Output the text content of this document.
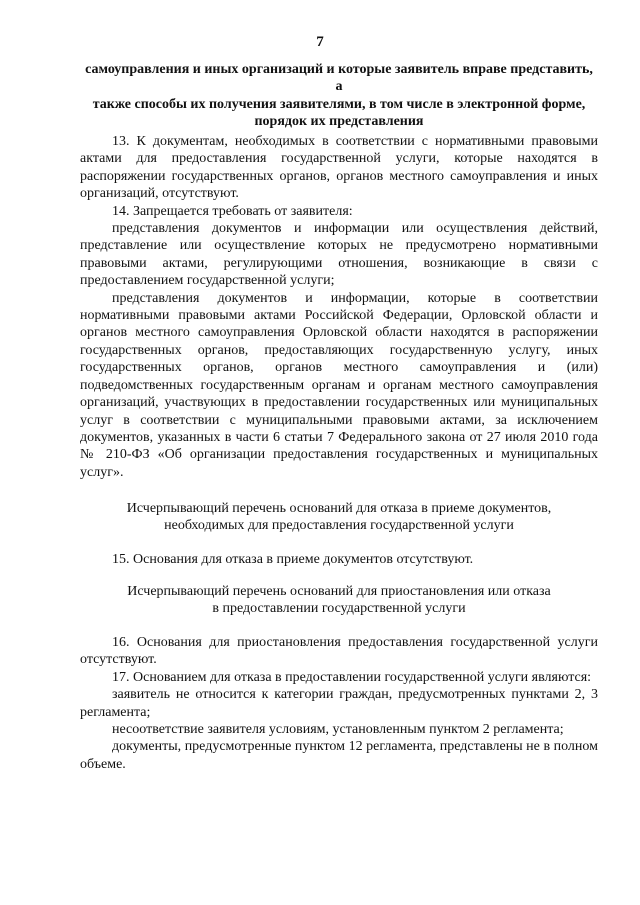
7

самоуправления и иных организаций и которые заявитель вправе представить, а

также способы их получения заявителями, в том числе в электронной форме,

порядок их представления

13. К документам, необходимых в соответствии с нормативными правовыми актами для предоставления государственной услуги, которые находятся в распоряжении государственных органов, органов местного самоуправления и иных организаций, отсутствуют.

14. Запрещается требовать от заявителя:

представления документов и информации или осуществления действий, представление или осуществление которых не предусмотрено нормативными правовыми актами, регулирующими отношения, возникающие в связи с предоставлением государственной услуги;

представления документов и информации, которые в соответствии нормативными правовыми актами Российской Федерации, Орловской области и органов местного самоуправления Орловской области находятся в распоряжении государственных органов, предоставляющих государственную услугу, иных государственных органов, органов местного самоуправления и (или) подведомственных государственным органам и органам местного самоуправления организаций, участвующих в предоставлении государственных или муниципальных услуг в соответствии с муниципальными правовыми актами, за исключением документов, указанных в части 6 статьи 7 Федерального закона от 27 июля 2010 года № 210-ФЗ «Об организации предоставления государственных и муниципальных услуг».

Исчерпывающий перечень оснований для отказа в приеме документов,

необходимых для предоставления государственной услуги

15. Основания для отказа в приеме документов отсутствуют.

Исчерпывающий перечень оснований для приостановления или отказа

в предоставлении государственной услуги

16. Основания для приостановления предоставления государственной услуги отсутствуют.

17. Основанием для отказа в предоставлении государственной услуги являются:

заявитель не относится к категории граждан, предусмотренных пунктами 2, 3 регламента;

несоответствие заявителя условиям, установленным пунктом 2 регламента;

документы, предусмотренные пунктом 12 регламента, представлены не в полном объеме.
